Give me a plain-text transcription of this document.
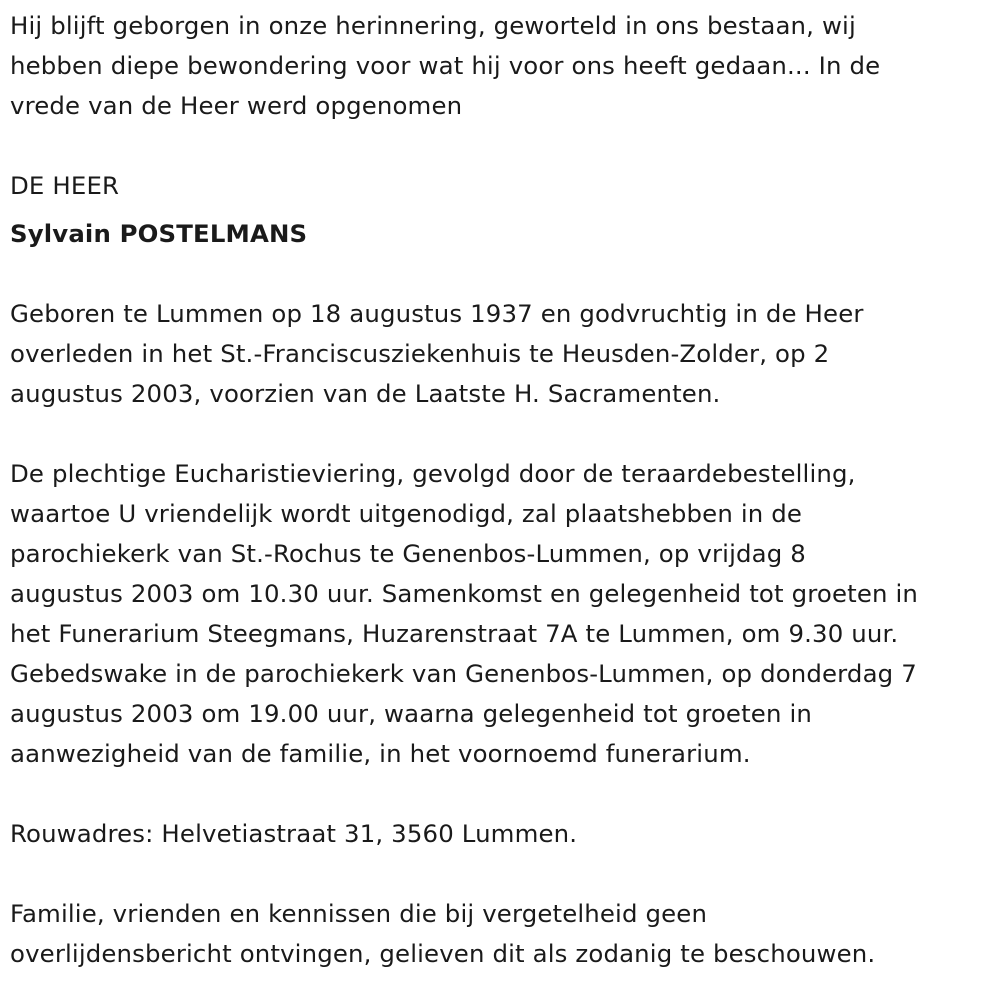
Hij blijft geborgen in onze herinnering, geworteld in ons bestaan, wij

hebben diepe bewondering voor wat hij voor ons heeft gedaan... In de

vrede van de Heer werd opgenomen

DE HEER

Sylvain POSTELMANS

Geboren te Lummen op 18 augustus 1937 en godvruchtig in de Heer

overleden in het St.-Franciscusziekenhuis te Heusden-Zolder, op 2

augustus 2003, voorzien van de Laatste H. Sacramenten.

De plechtige Eucharistieviering, gevolgd door de teraardebestelling,

waartoe U vriendelijk wordt uitgenodigd, zal plaatshebben in de

parochiekerk van St.-Rochus te Genenbos-Lummen, op vrijdag 8

augustus 2003 om 10.30 uur. Samenkomst en gelegenheid tot groeten in

het Funerarium Steegmans, Huzarenstraat 7A te Lummen, om 9.30 uur.

Gebedswake in de parochiekerk van Genenbos-Lummen, op donderdag 7

augustus 2003 om 19.00 uur, waarna gelegenheid tot groeten in

aanwezigheid van de familie, in het voornoemd funerarium.

Rouwadres: Helvetiastraat 31, 3560 Lummen.

Familie, vrienden en kennissen die bij vergetelheid geen

overlijdensbericht ontvingen, gelieven dit als zodanig te beschouwen.
